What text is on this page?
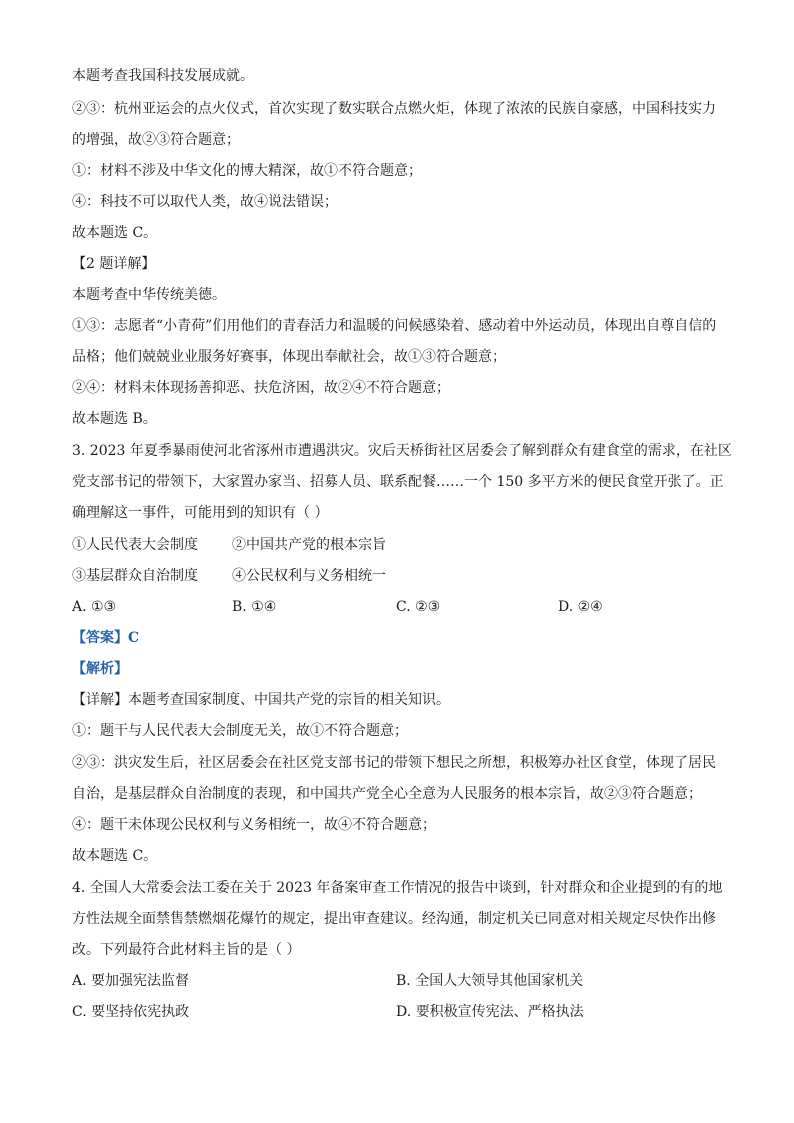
本题考查我国科技发展成就。
②③：杭州亚运会的点火仪式，首次实现了数实联合点燃火炬，体现了浓浓的民族自豪感，中国科技实力
的增强，故②③符合题意；
①：材料不涉及中华文化的博大精深，故①不符合题意；
④：科技不可以取代人类，故④说法错误；
故本题选 C。
【2 题详解】
本题考查中华传统美德。
①③：志愿者“小青荷”们用他们的青春活力和温暖的问候感染着、感动着中外运动员，体现出自尊自信的
品格；他们兢兢业业服务好赛事，体现出奉献社会，故①③符合题意；
②④：材料未体现扬善抑恶、扶危济困，故②④不符合题意；
故本题选 B。
3. 2023 年夏季暴雨使河北省涿州市遭遇洪灾。灾后天桥街社区居委会了解到群众有建食堂的需求，在社区
党支部书记的带领下，大家置办家当、招募人员、联系配餐……一个 150 多平方米的便民食堂开张了。正
确理解这一事件，可能用到的知识有（ ）
①人民代表大会制度 ②中国共产党的根本宗旨
③基层群众自治制度 ④公民权利与义务相统一
A. ①③	B. ①④	C. ②③	D. ②④
【答案】C
【解析】
【详解】本题考查国家制度、中国共产党的宗旨的相关知识。
①：题干与人民代表大会制度无关，故①不符合题意；
②③：洪灾发生后，社区居委会在社区党支部书记的带领下想民之所想，积极筹办社区食堂，体现了居民
自治，是基层群众自治制度的表现，和中国共产党全心全意为人民服务的根本宗旨，故②③符合题意；
④：题干未体现公民权利与义务相统一，故④不符合题意；
故本题选 C。
4. 全国人大常委会法工委在关于 2023 年备案审查工作情况的报告中谈到，针对群众和企业提到的有的地
方性法规全面禁售禁燃烟花爆竹的规定，提出审查建议。经沟通，制定机关已同意对相关规定尽快作出修
改。下列最符合此材料主旨的是（ ）
A. 要加强宪法监督	B. 全国人大领导其他国家机关
C. 要坚持依宪执政	D. 要积极宣传宪法、严格执法
